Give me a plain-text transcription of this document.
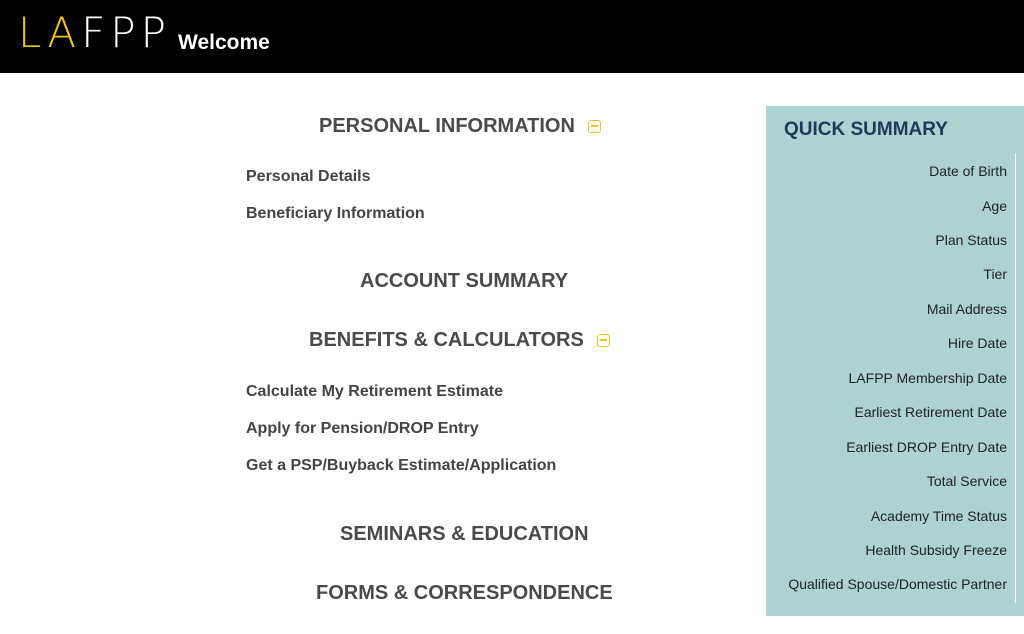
LAFPP Welcome
PERSONAL INFORMATION
Personal Details
Beneficiary Information
ACCOUNT SUMMARY
BENEFITS & CALCULATORS
Calculate My Retirement Estimate
Apply for Pension/DROP Entry
Get a PSP/Buyback Estimate/Application
SEMINARS & EDUCATION
FORMS & CORRESPONDENCE
QUICK SUMMARY
Date of Birth
Age
Plan Status
Tier
Mail Address
Hire Date
LAFPP Membership Date
Earliest Retirement Date
Earliest DROP Entry Date
Total Service
Academy Time Status
Health Subsidy Freeze
Qualified Spouse/Domestic Partner
